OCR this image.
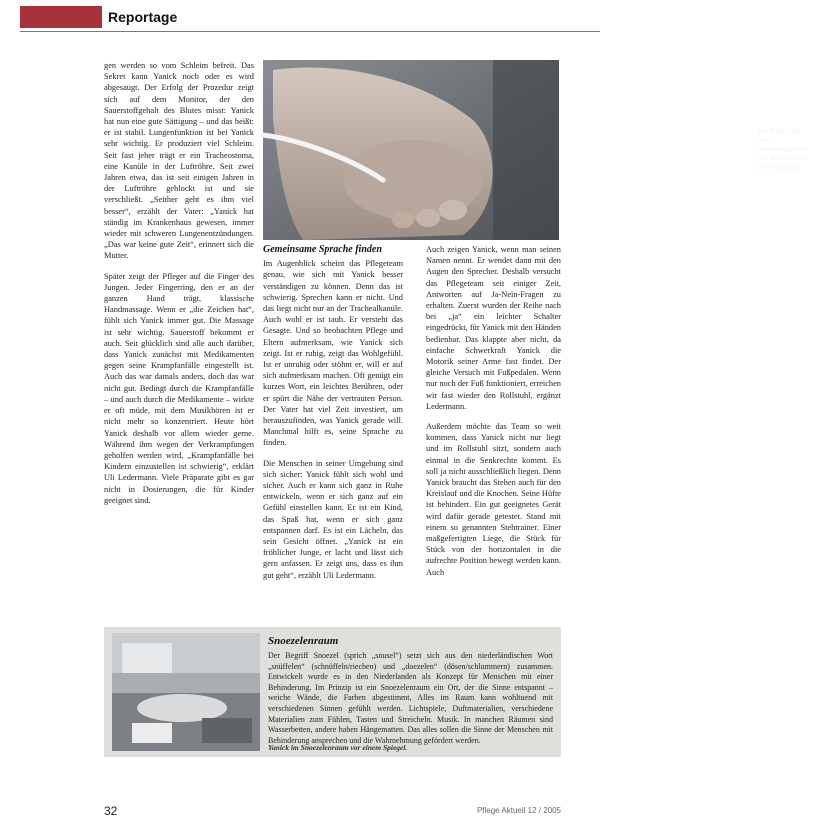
Reportage
Ein Fühler für den Sauerstoffgehalt des Blutes ist am Zeh befestigt.

gen werden so vom Schleim befreit. Das Sekret kann Yanick noch oder es wird abgesaugt. Der Erfolg der Prozedur zeigt sich auf dem Monitor, der den Sauerstoffgehalt des Blutes misst: Yanick hat nun eine gute Sättigung – und das heißt: er ist stabil. Lungenfunktion ist bei Yanick sehr wichtig. Er produziert viel Schleim. Seit fast jeher trägt er ein Tracheostoma, eine Kanüle in der Luftröhre. Seit zwei Jahren etwa, das ist seit einigen Jahren in der Luftröhre geblockt ist und sie verschließt. „Seither geht es ihm viel besser“, erzählt der Vater: „Yanick hat ständig im Krankenhaus gewesen, immer wieder mit schweren Lungenentzündungen. „Das war keine gute Zeit“, erinnert sich die Mutter.

Später zeigt der Pfleger auf die Finger des Jungen. Jeder Fingerring, den er an der ganzen Hand trägt, klassische Handmassage. Wenn er „die Zeichen hat“, fühlt sich Yanick immer gut. Die Massage ist sehr wichtig. Sauerstoff bekommt er auch. Seit glücklich sind alle auch darüber, dass Yanick zunächst mit Medikamenten gegen seine Krampfanfälle eingestellt ist. Auch das war damals anders, doch das war nicht gut. Bedingt durch die Krampfanfälle – und auch durch die Medikamente – wirkte er oft müde, mit dem Musikhören ist er nicht mehr so konzentriert. Heute hört Yanick deshalb vor allem wieder gerne. Während ihm wegen der Verkrampfungen geholfen werden wird, „Krampfanfälle bei Kindern einzustellen ist schwierig“, erklärt Uli Ledermann. Viele Präparate gibt es gar nicht in Dosierungen, die für Kinder geeignet sind.

Gemeinsame Sprache finden

Im Augenblick scheint das Pflegeteam genau, wie sich mit Yanick besser verständigen zu können. Denn das ist schwierig. Sprechen kann er nicht. Und das liegt nicht nur an der Trachealkanüle. Auch wohl er ist taub. Er versteht das Gesagte. Und so beobachten Pflege und Eltern aufmerksam, wie Yanick sich zeigt. Ist er ruhig, zeigt das Wohlgefühl. Ist er unruhig oder stöhnt er, will er auf sich aufmerksam machen. Oft genügt ein kurzes Wort, ein leichtes Berühren, oder er spürt die Nähe der vertrauten Person. Der Vater hat viel Zeit investiert, um herauszufinden, was Yanick gerade will. Manchmal hilft es, seine Sprache zu finden.

Die Menschen in seiner Umgebung sind sich sicher: Yanick fühlt sich wohl und sicher. Auch er kann sich ganz in Ruhe entwickeln, wenn er sich ganz auf ein Gefühl einstellen kann. Er ist ein Kind, das Spaß hat, wenn er sich ganz entspannen darf. Es ist ein Lächeln, das sein Gesicht öffnet. „Yanick ist ein fröhlicher Junge, er lacht und lässt sich gern anfassen. Er zeigt uns, dass es ihm gut geht“, erzählt Uli Ledermann.

Auch zeigen Yanick, wenn man seinen Namen nennt. Er wendet dann mit den Augen den Sprecher. Deshalb versucht das Pflegeteam seit einiger Zeit, Antworten auf Ja-Nein-Fragen zu erhalten. Zuerst wurden der Reihe nach bei „ja“ ein leichter Schalter eingedrückt, für Yanick mit den Händen bedienbar. Das klappte aber nicht, da einfache Schwerkraft Yanick die Motorik seiner Arme fast findet. Der gleiche Versuch mit Fußpedalen. Wenn nur noch der Fuß funktioniert, erreichen wir fast wieder den Rollstuhl, ergänzt Ledermann.

Außerdem möchte das Team so weit kommen, dass Yanick nicht nur liegt und im Rollstuhl sitzt, sondern auch einmal in die Senkrechte kommt. Es soll ja nicht ausschließlich liegen. Denn Yanick braucht das Stehen auch für den Kreislauf und die Knochen. Seine Hüfte ist behindert. Ein gut geeignetes Gerät wird dafür gerade getestet. Stand mit einem so genannten Stehtrainer. Einer maßgefertigten Liege, die Stück für Stück von der horizontalen in die aufrechte Position bewegt werden kann. Auch

Snoezelenraum
Der Begriff Snoezel (sprich „snusel“) setzt sich aus den niederländischen Wort „snüffelen“ (schnüffeln/riechen) und „doezelen“ (dösen/schlummern) zusammen. Entwickelt wurde es in den Niederlanden als Konzept für Menschen mit einer Behinderung. Im Prinzip ist ein Snoezelenraum ein Ort, der die Sinne entspannt – weiche Wände, die Farben abgestimmt, Alles im Raum kann wohltuend mit verschiedenen Sinnen gefühlt werden. Lichtspiele, Duftmaterialien, verschiedene Materialien zum Fühlen, Tasten und Streicheln. Musik. In manchen Räumen sind Wasserbetten, andere haben Hängematten. Das alles sollen die Sinne der Menschen mit Behinderung ansprechen und die Wahrnehmung gefördert werden.
Yanick im Snoezelenraum vor einem Spiegel.
32	Pflege Aktuell 12 / 2005
